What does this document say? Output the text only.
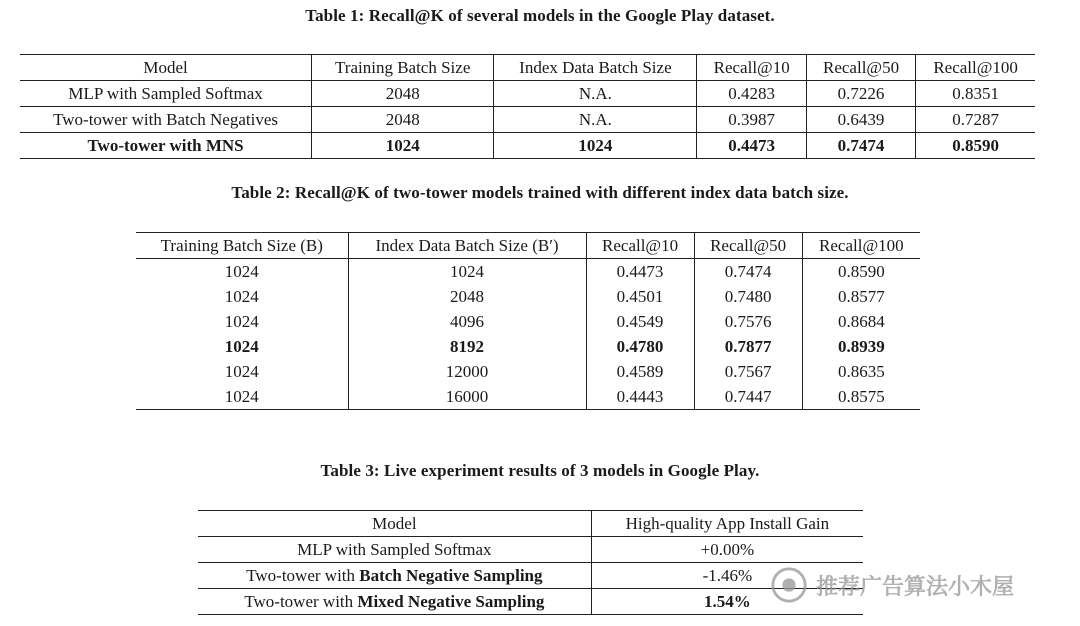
Table 1: Recall@K of several models in the Google Play dataset.
Model	Training Batch Size	Index Data Batch Size	Recall@10	Recall@50	Recall@100
MLP with Sampled Softmax	2048	N.A.	0.4283	0.7226	0.8351
Two-tower with Batch Negatives	2048	N.A.	0.3987	0.6439	0.7287
Two-tower with MNS	1024	1024	0.4473	0.7474	0.8590
Table 2: Recall@K of two-tower models trained with different index data batch size.
Training Batch Size (B)	Index Data Batch Size (B′)	Recall@10	Recall@50	Recall@100
1024	1024	0.4473	0.7474	0.8590
1024	2048	0.4501	0.7480	0.8577
1024	4096	0.4549	0.7576	0.8684
1024	8192	0.4780	0.7877	0.8939
1024	12000	0.4589	0.7567	0.8635
1024	16000	0.4443	0.7447	0.8575
Table 3: Live experiment results of 3 models in Google Play.
Model	High-quality App Install Gain
MLP with Sampled Softmax	+0.00%
Two-tower with Batch Negative Sampling	-1.46%
Two-tower with Mixed Negative Sampling	1.54%
推荐广告算法小木屋
